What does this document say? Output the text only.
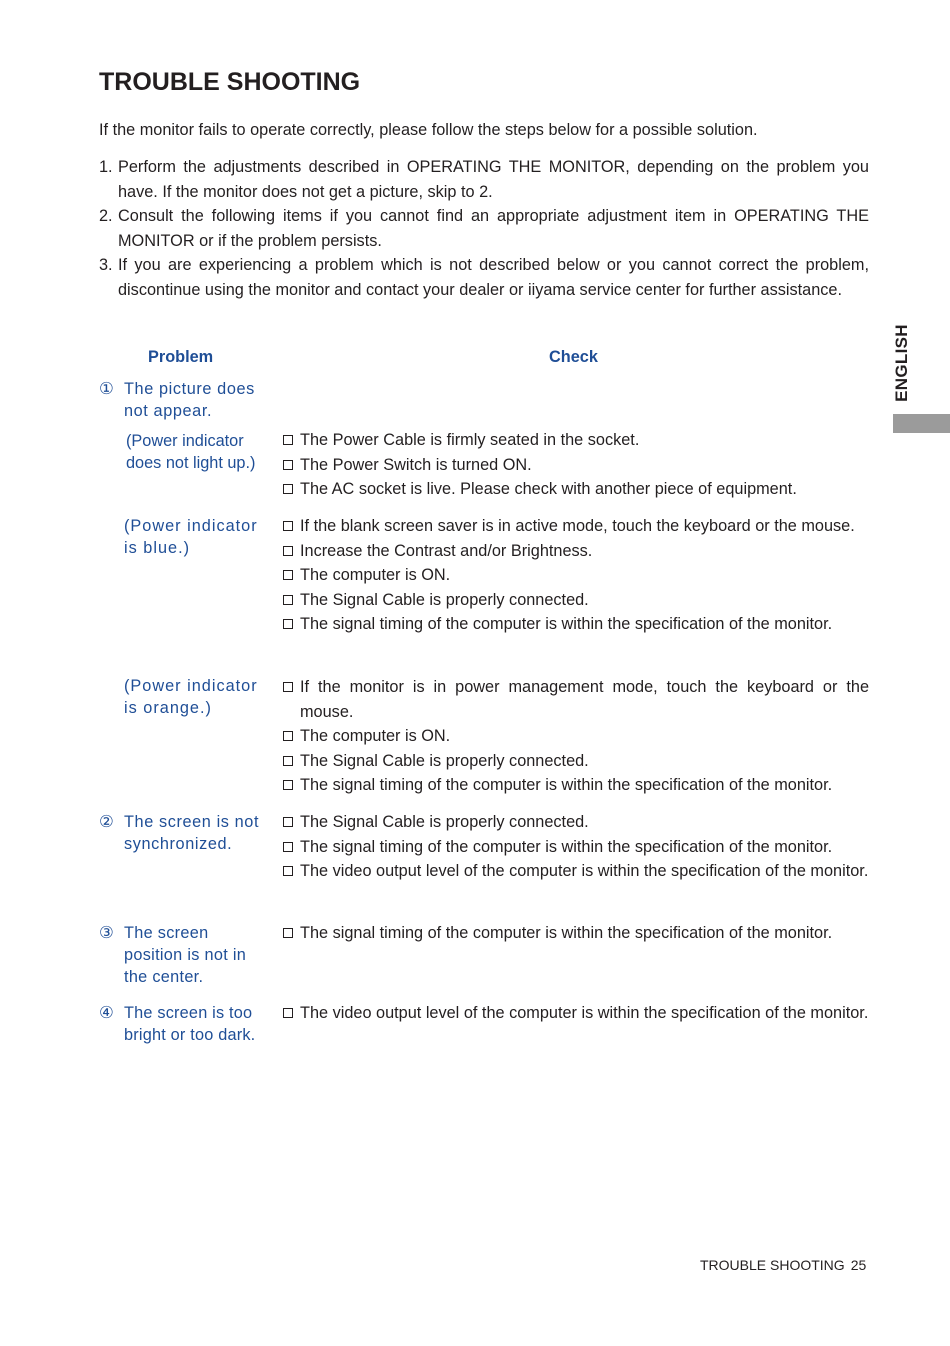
TROUBLE SHOOTING
If the monitor fails to operate correctly, please follow the steps below for a possible solution.
1. Perform the adjustments described in OPERATING THE MONITOR, depending on the problem you have. If the monitor does not get a picture, skip to 2.
2. Consult the following items if you cannot find an appropriate adjustment item in OPERATING THE MONITOR or if the problem persists.
3. If you are experiencing a problem which is not described below or you cannot correct the problem, discontinue using the monitor and contact your dealer or iiyama service center for further assistance.
Problem	Check
① The picture does not appear.
(Power indicator does not light up.)
The Power Cable is firmly seated in the socket.
The Power Switch is turned ON.
The AC socket is live. Please check with another piece of equipment.
(Power indicator is blue.)
If the blank screen saver is in active mode, touch the keyboard or the mouse.
Increase the Contrast and/or Brightness.
The computer is ON.
The Signal Cable is properly connected.
The signal timing of the computer is within the specification of the monitor.
(Power indicator is orange.)
If the monitor is in power management mode, touch the keyboard or the mouse.
The computer is ON.
The Signal Cable is properly connected.
The signal timing of the computer is within the specification of the monitor.
② The screen is not synchronized.
The Signal Cable is properly connected.
The signal timing of the computer is within the specification of the monitor.
The video output level of the computer is within the specification of the monitor.
③ The screen position is not in the center.
The signal timing of the computer is within the specification of the monitor.
④ The screen is too bright or too dark.
The video output level of the computer is within the specification of the monitor.
ENGLISH
TROUBLE SHOOTING 25
